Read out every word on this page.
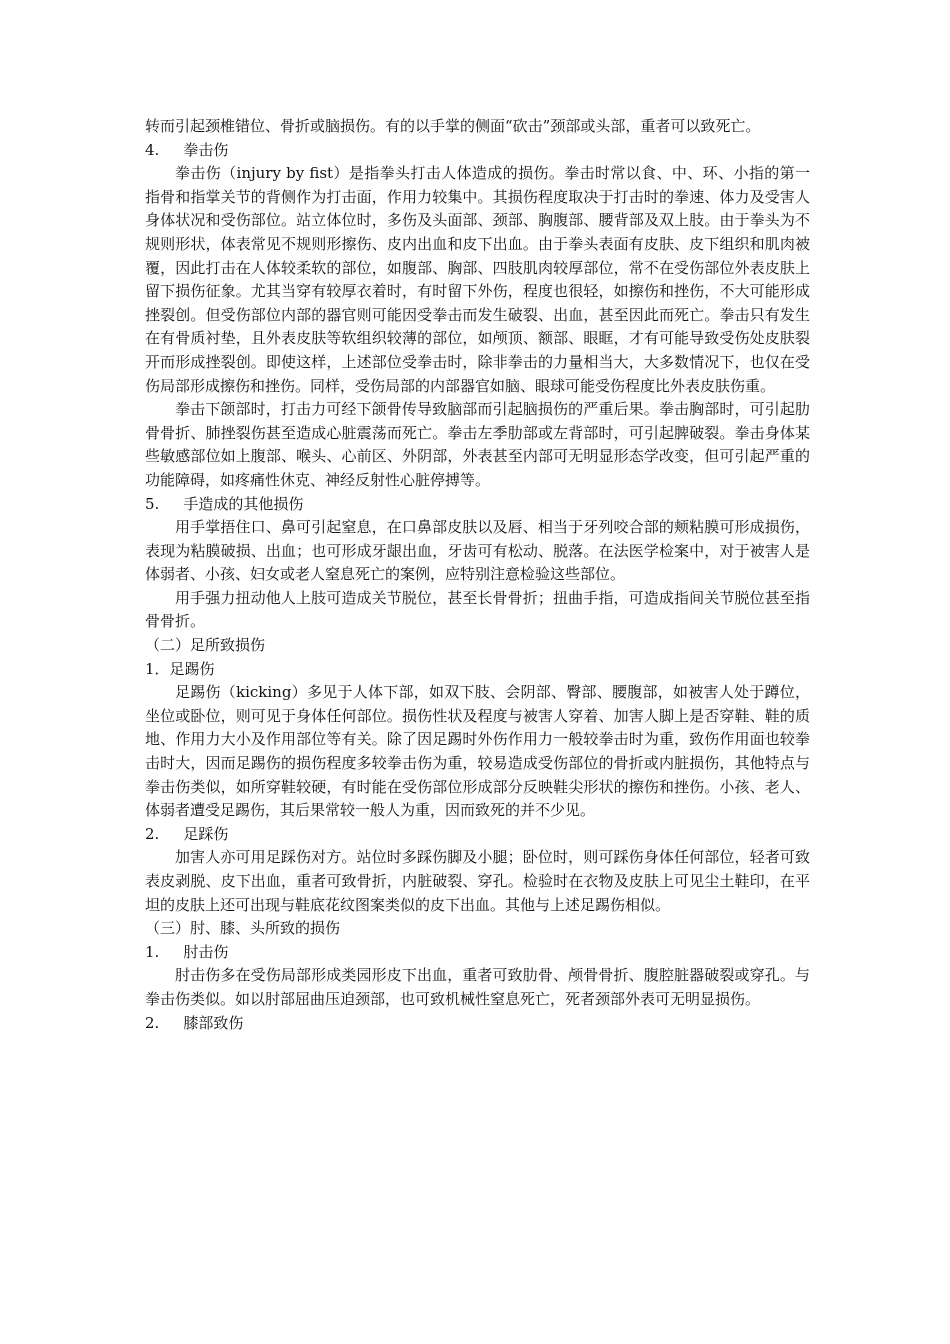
转而引起颈椎错位、骨折或脑损伤。有的以手掌的侧面“砍击”颈部或头部，重者可以致死亡。

4. 拳击伤

拳击伤（injury by fist）是指拳头打击人体造成的损伤。拳击时常以食、中、环、小指的第一指骨和指掌关节的背侧作为打击面，作用力较集中。其损伤程度取决于打击时的拳速、体力及受害人身体状况和受伤部位。站立体位时，多伤及头面部、颈部、胸腹部、腰背部及双上肢。由于拳头为不规则形状，体表常见不规则形擦伤、皮内出血和皮下出血。由于拳头表面有皮肤、皮下组织和肌肉被覆，因此打击在人体较柔软的部位，如腹部、胸部、四肢肌肉较厚部位，常不在受伤部位外表皮肤上留下损伤征象。尤其当穿有较厚衣着时，有时留下外伤，程度也很轻，如擦伤和挫伤，不大可能形成挫裂创。但受伤部位内部的器官则可能因受拳击而发生破裂、出血，甚至因此而死亡。拳击只有发生在有骨质衬垫，且外表皮肤等软组织较薄的部位，如颅顶、额部、眼眶，才有可能导致受伤处皮肤裂开而形成挫裂创。即使这样，上述部位受拳击时，除非拳击的力量相当大，大多数情况下，也仅在受伤局部形成擦伤和挫伤。同样，受伤局部的内部器官如脑、眼球可能受伤程度比外表皮肤伤重。

拳击下颌部时，打击力可经下颌骨传导致脑部而引起脑损伤的严重后果。拳击胸部时，可引起肋骨骨折、肺挫裂伤甚至造成心脏震荡而死亡。拳击左季肋部或左背部时，可引起脾破裂。拳击身体某些敏感部位如上腹部、喉头、心前区、外阴部，外表甚至内部可无明显形态学改变，但可引起严重的功能障碍，如疼痛性休克、神经反射性心脏停搏等。

5. 手造成的其他损伤

用手掌捂住口、鼻可引起窒息，在口鼻部皮肤以及唇、相当于牙列咬合部的颊粘膜可形成损伤，表现为粘膜破损、出血；也可形成牙龈出血，牙齿可有松动、脱落。在法医学检案中，对于被害人是体弱者、小孩、妇女或老人窒息死亡的案例，应特别注意检验这些部位。

用手强力扭动他人上肢可造成关节脱位，甚至长骨骨折；扭曲手指，可造成指间关节脱位甚至指骨骨折。

（二）足所致损伤

1．足踢伤

足踢伤（kicking）多见于人体下部，如双下肢、会阴部、臀部、腰腹部，如被害人处于蹲位，坐位或卧位，则可见于身体任何部位。损伤性状及程度与被害人穿着、加害人脚上是否穿鞋、鞋的质地、作用力大小及作用部位等有关。除了因足踢时外伤作用力一般较拳击时为重，致伤作用面也较拳击时大，因而足踢伤的损伤程度多较拳击伤为重，较易造成受伤部位的骨折或内脏损伤，其他特点与拳击伤类似，如所穿鞋较硬，有时能在受伤部位形成部分反映鞋尖形状的擦伤和挫伤。小孩、老人、体弱者遭受足踢伤，其后果常较一般人为重，因而致死的并不少见。

2. 足踩伤

加害人亦可用足踩伤对方。站位时多踩伤脚及小腿；卧位时，则可踩伤身体任何部位，轻者可致表皮剥脱、皮下出血，重者可致骨折，内脏破裂、穿孔。检验时在衣物及皮肤上可见尘土鞋印，在平坦的皮肤上还可出现与鞋底花纹图案类似的皮下出血。其他与上述足踢伤相似。

（三）肘、膝、头所致的损伤

1. 肘击伤

肘击伤多在受伤局部形成类园形皮下出血，重者可致肋骨、颅骨骨折、腹腔脏器破裂或穿孔。与拳击伤类似。如以肘部屈曲压迫颈部，也可致机械性窒息死亡，死者颈部外表可无明显损伤。

2. 膝部致伤
